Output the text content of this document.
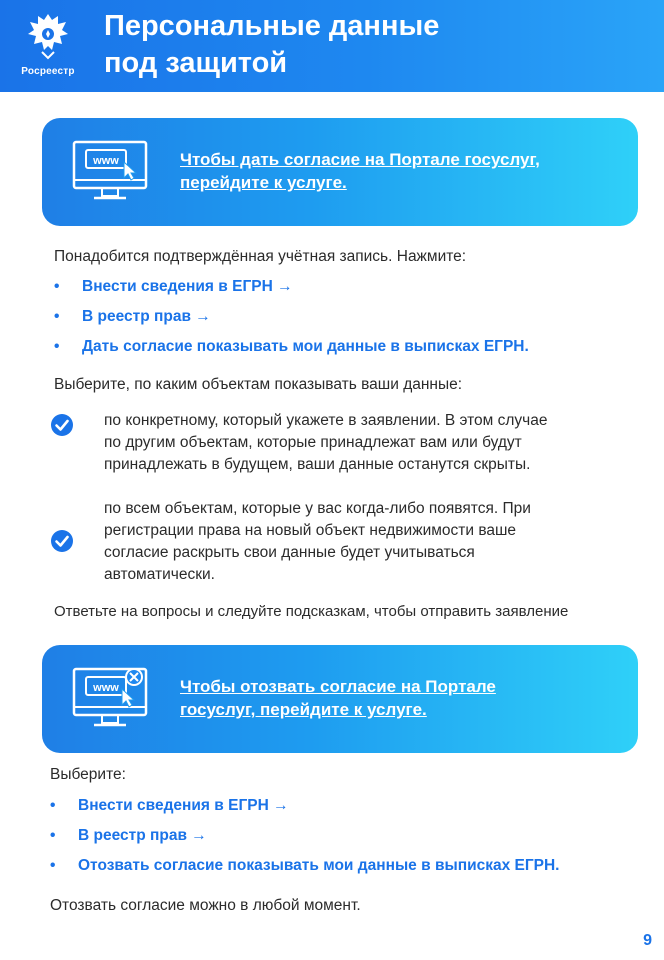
Росреестр
Персональные данные
под защитой
www	Чтобы дать согласие на Портале госуслуг,
перейдите к услуге.

Понадобится подтверждённая учётная запись. Нажмите:

• Внести сведения в ЕГРН →
• В реестр прав →
• Дать согласие показывать мои данные в выписках ЕГРН.

Выберите, по каким объектам показывать ваши данные:

по конкретному, который укажете в заявлении. В этом случае
по другим объектам, которые принадлежат вам или будут
принадлежать в будущем, ваши данные останутся скрыты.

по всем объектам, которые у вас когда-либо появятся. При
регистрации права на новый объект недвижимости ваше
согласие раскрыть свои данные будет учитываться
автоматически.

Ответьте на вопросы и следуйте подсказкам, чтобы отправить заявление

www	Чтобы отозвать согласие на Портале
госуслуг, перейдите к услуге.

Выберите:

• Внести сведения в ЕГРН →
• В реестр прав →
• Отозвать согласие показывать мои данные в выписках ЕГРН.

Отозвать согласие можно в любой момент.

9
